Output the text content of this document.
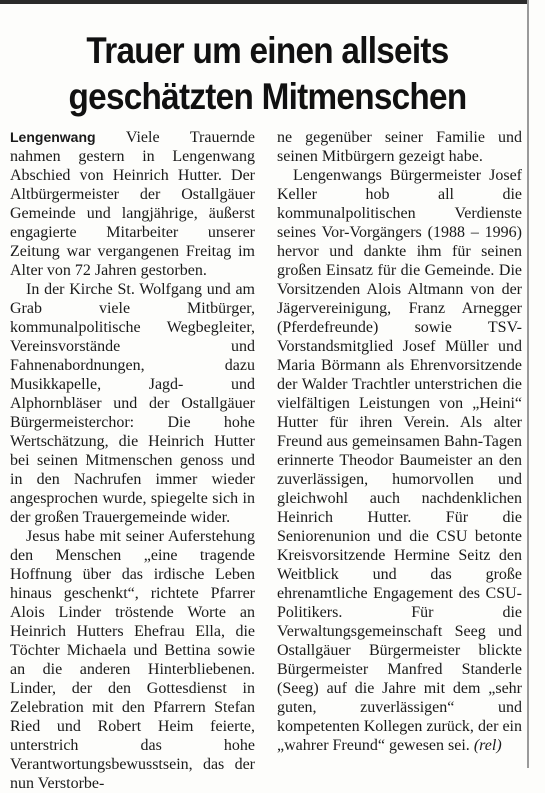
Trauer um einen allseits
geschätzten Mitmenschen

Lengenwang Viele Trauernde nahmen gestern in Lengenwang Abschied von Heinrich Hutter. Der Altbürgermeister der Ostallgäuer Gemeinde und langjährige, äußerst engagierte Mitarbeiter unserer Zeitung war vergangenen Freitag im Alter von 72 Jahren gestorben.

In der Kirche St. Wolfgang und am Grab viele Mitbürger, kommunalpolitische Wegbegleiter, Vereinsvorstände und Fahnenabordnungen, dazu Musikkapelle, Jagd- und Alphornbläser und der Ostallgäuer Bürgermeisterchor: Die hohe Wertschätzung, die Heinrich Hutter bei seinen Mitmenschen genoss und in den Nachrufen immer wieder angesprochen wurde, spiegelte sich in der großen Trauergemeinde wider.

Jesus habe mit seiner Auferstehung den Menschen „eine tragende Hoffnung über das irdische Leben hinaus geschenkt“, richtete Pfarrer Alois Linder tröstende Worte an Heinrich Hutters Ehefrau Ella, die Töchter Michaela und Bettina sowie an die anderen Hinterbliebenen. Linder, der den Gottesdienst in Zelebration mit den Pfarrern Stefan Ried und Robert Heim feierte, unterstrich das hohe Verantwortungsbewusstsein, das der nun Verstorbe-

ne gegenüber seiner Familie und seinen Mitbürgern gezeigt habe.

Lengenwangs Bürgermeister Josef Keller hob all die kommunalpolitischen Verdienste seines Vor-Vorgängers (1988 – 1996) hervor und dankte ihm für seinen großen Einsatz für die Gemeinde. Die Vorsitzenden Alois Altmann von der Jägervereinigung, Franz Arnegger (Pferdefreunde) sowie TSV-Vorstandsmitglied Josef Müller und Maria Börmann als Ehrenvorsitzende der Walder Trachtler unterstrichen die vielfältigen Leistungen von „Heini“ Hutter für ihren Verein. Als alter Freund aus gemeinsamen Bahn-Tagen erinnerte Theodor Baumeister an den zuverlässigen, humorvollen und gleichwohl auch nachdenklichen Heinrich Hutter. Für die Seniorenunion und die CSU betonte Kreisvorsitzende Hermine Seitz den Weitblick und das große ehrenamtliche Engagement des CSU-Politikers. Für die Verwaltungsgemeinschaft Seeg und Ostallgäuer Bürgermeister blickte Bürgermeister Manfred Standerle (Seeg) auf die Jahre mit dem „sehr guten, zuverlässigen“ und kompetenten Kollegen zurück, der ein „wahrer Freund“ gewesen sei. (rel)
